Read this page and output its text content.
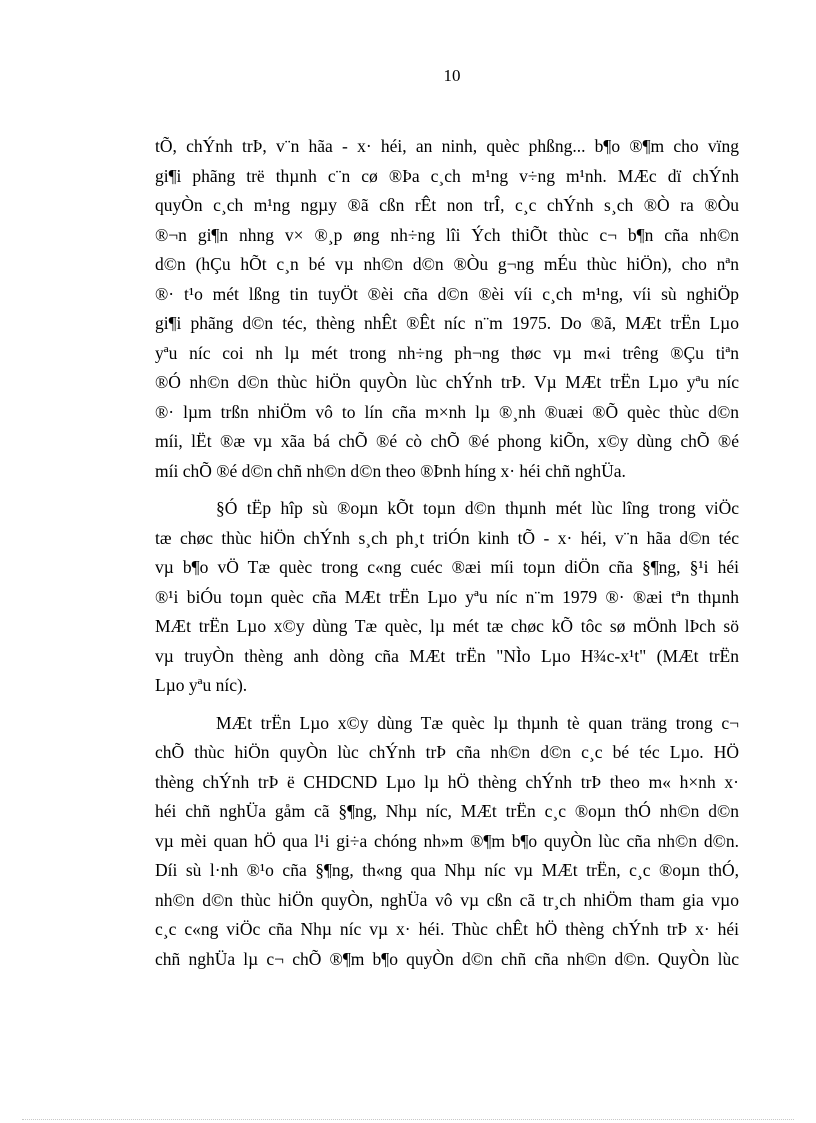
10
tÕ, chÝnh trÞ, v¨n hãa - x· héi, an ninh, quèc phßng... b¶o ®¶m cho vïng
gi¶i phãng trë thµnh c¨n cø ®Þa c¸ch m¹ng v÷ng m¹nh. MÆc dï chÝnh
quyÒn c¸ch m¹ng ngµy ®ã cßn rÊt non trÎ, c¸c chÝnh s¸ch ®Ò ra ®Òu
®¬n gi¶n nhng v× ®¸p øng nh÷ng lîi Ých thiÕt thùc c¬ b¶n cña nh©n
d©n (hÇu hÕt c¸n bé vµ nh©n d©n ®Òu g¬ng mÉu thùc hiÖn), cho nªn
®· t¹o mét lßng tin tuyÖt ®èi cña d©n ®èi víi c¸ch m¹ng, víi sù nghiÖp
gi¶i phãng d©n téc, thèng nhÊt ®Êt níc n¨m 1975. Do ®ã, MÆt trËn Lµo
yªu níc coi nh lµ mét trong nh÷ng ph¬ng thøc vµ m«i trêng ®Çu tiªn
®Ó nh©n d©n thùc hiÖn quyÒn lùc chÝnh trÞ. Vµ MÆt trËn Lµo yªu níc
®· lµm trßn nhiÖm vô to lín cña m×nh lµ ®¸nh ®uæi ®Õ quèc thùc d©n
míi, lËt ®æ vµ xãa bá chÕ ®é cò chÕ ®é phong kiÕn, x©y dùng chÕ ®é
míi chÕ ®é d©n chñ nh©n d©n theo ®Þnh híng x· héi chñ nghÜa.
§Ó tËp hîp sù ®oµn kÕt toµn d©n thµnh mét lùc lîng trong viÖc
tæ chøc thùc hiÖn chÝnh s¸ch ph¸t triÓn kinh tÕ - x· héi, v¨n hãa d©n téc
vµ b¶o vÖ Tæ quèc trong c«ng cuéc ®æi míi toµn diÖn cña §¶ng, §¹i héi
®¹i biÓu toµn quèc cña MÆt trËn Lµo yªu níc n¨m 1979 ®· ®æi tªn thµnh
MÆt trËn Lµo x©y dùng Tæ quèc, lµ mét tæ chøc kÕ tôc sø mÖnh lÞch sö
vµ truyÒn thèng anh dòng cña MÆt trËn "NÌo Lµo H¾c-x¹t" (MÆt trËn
Lµo yªu níc).
MÆt trËn Lµo x©y dùng Tæ quèc lµ thµnh tè quan träng trong c¬
chÕ thùc hiÖn quyÒn lùc chÝnh trÞ cña nh©n d©n c¸c bé téc Lµo. HÖ
thèng chÝnh trÞ ë CHDCND Lµo lµ hÖ thèng chÝnh trÞ theo m« h×nh x·
héi chñ nghÜa gåm cã §¶ng, Nhµ níc, MÆt trËn c¸c ®oµn thÓ nh©n d©n
vµ mèi quan hÖ qua l¹i gi÷a chóng nh»m ®¶m b¶o quyÒn lùc cña nh©n d©n.
Díi sù l·nh ®¹o cña §¶ng, th«ng qua Nhµ níc vµ MÆt trËn, c¸c ®oµn thÓ,
nh©n d©n thùc hiÖn quyÒn, nghÜa vô vµ cßn cã tr¸ch nhiÖm tham gia vµo
c¸c c«ng viÖc cña Nhµ níc vµ x· héi. Thùc chÊt hÖ thèng chÝnh trÞ x· héi
chñ nghÜa lµ c¬ chÕ ®¶m b¶o quyÒn d©n chñ cña nh©n d©n. QuyÒn lùc
